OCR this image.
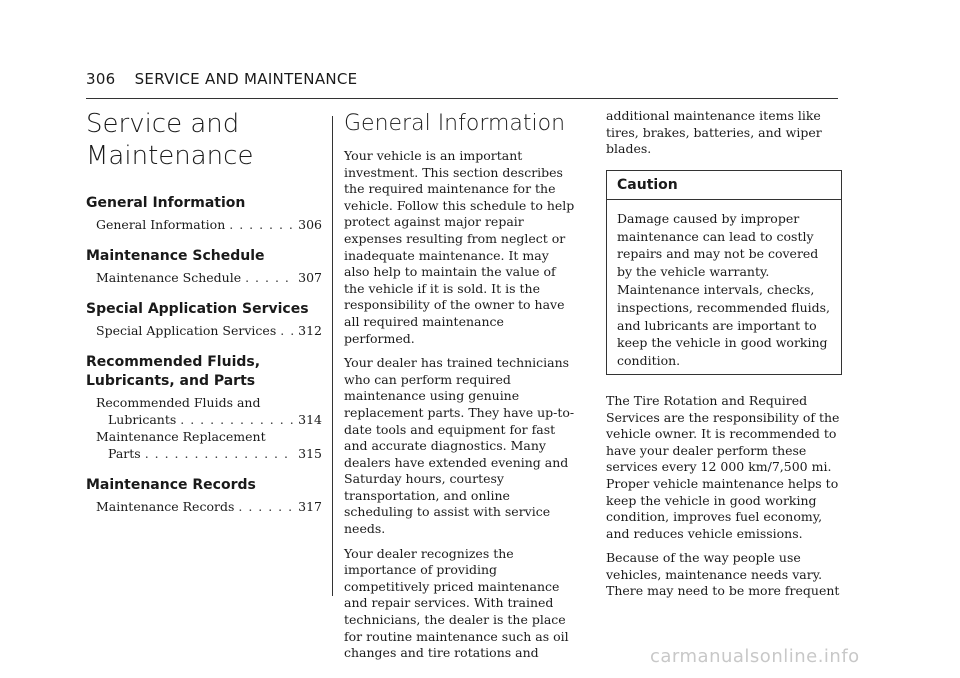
306 SERVICE AND MAINTENANCE
Service and
Maintenance
General Information
General Information . . .	306
Maintenance Schedule
Maintenance Schedule . . .	307
Special Application Services
Special Application Services . . . 312
Recommended Fluids,
Lubricants, and Parts
Recommended Fluids and
Lubricants . . .	314
Maintenance Replacement
Parts . . .	315
Maintenance Records
Maintenance Records . . .	317
General Information

Your vehicle is an important investment. This section describes the required maintenance for the vehicle. Follow this schedule to help protect against major repair expenses resulting from neglect or inadequate maintenance. It may also help to maintain the value of the vehicle if it is sold. It is the responsibility of the owner to have all required maintenance performed.

Your dealer has trained technicians who can perform required maintenance using genuine replacement parts. They have up-to-date tools and equipment for fast and accurate diagnostics. Many dealers have extended evening and Saturday hours, courtesy transportation, and online scheduling to assist with service needs.

Your dealer recognizes the importance of providing competitively priced maintenance and repair services. With trained technicians, the dealer is the place for routine maintenance such as oil changes and tire rotations and

additional maintenance items like tires, brakes, batteries, and wiper blades.

Caution

Damage caused by improper maintenance can lead to costly repairs and may not be covered by the vehicle warranty. Maintenance intervals, checks, inspections, recommended fluids, and lubricants are important to keep the vehicle in good working condition.

The Tire Rotation and Required Services are the responsibility of the vehicle owner. It is recommended to have your dealer perform these services every 12 000 km/7,500 mi. Proper vehicle maintenance helps to keep the vehicle in good working condition, improves fuel economy, and reduces vehicle emissions.

Because of the way people use vehicles, maintenance needs vary. There may need to be more frequent

carmanualsonline.info
